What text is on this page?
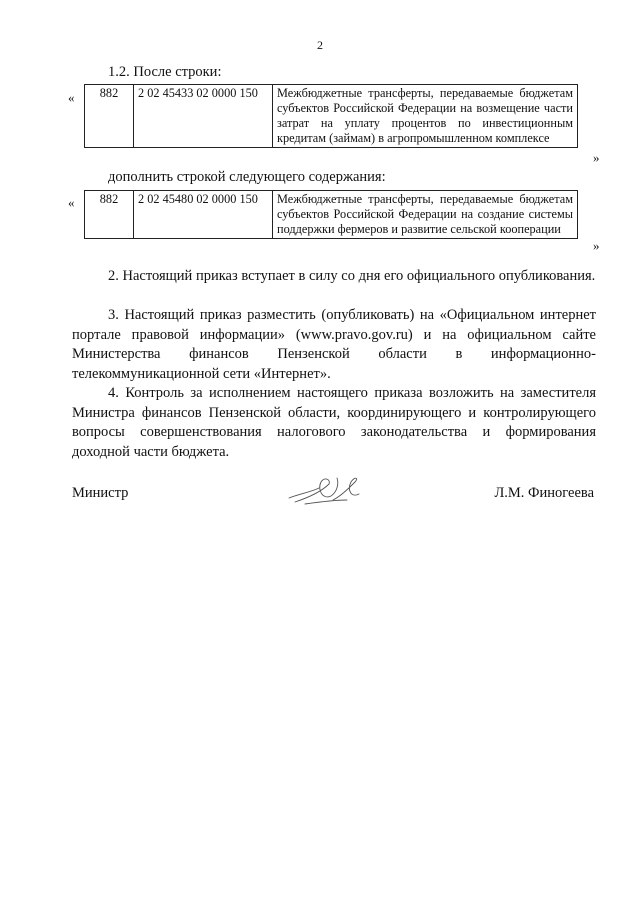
2
1.2. После строки:
« 882	2 02 45433 02 0000 150	Межбюджетные трансферты, передаваемые бюджетам субъектов Российской Федерации на возмещение части затрат на уплату процентов по инвестиционным кредитам (займам) в агропромышленном комплексе
»
дополнить строкой следующего содержания:
« 882	2 02 45480 02 0000 150	Межбюджетные трансферты, передаваемые бюджетам субъектов Российской Федерации на создание системы поддержки фермеров и развитие сельской кооперации
»

2. Настоящий приказ вступает в силу со дня его официального опубликования.

3. Настоящий приказ разместить (опубликовать) на «Официальном интернет портале правовой информации» (www.pravo.gov.ru) и на официальном сайте Министерства финансов Пензенской области в информационно-телекоммуникационной сети «Интернет».

4. Контроль за исполнением настоящего приказа возложить на заместителя Министра финансов Пензенской области, координирующего и контролирующего вопросы совершенствования налогового законодательства и формирования доходной части бюджета.

Министр	Л.М. Финогеева
